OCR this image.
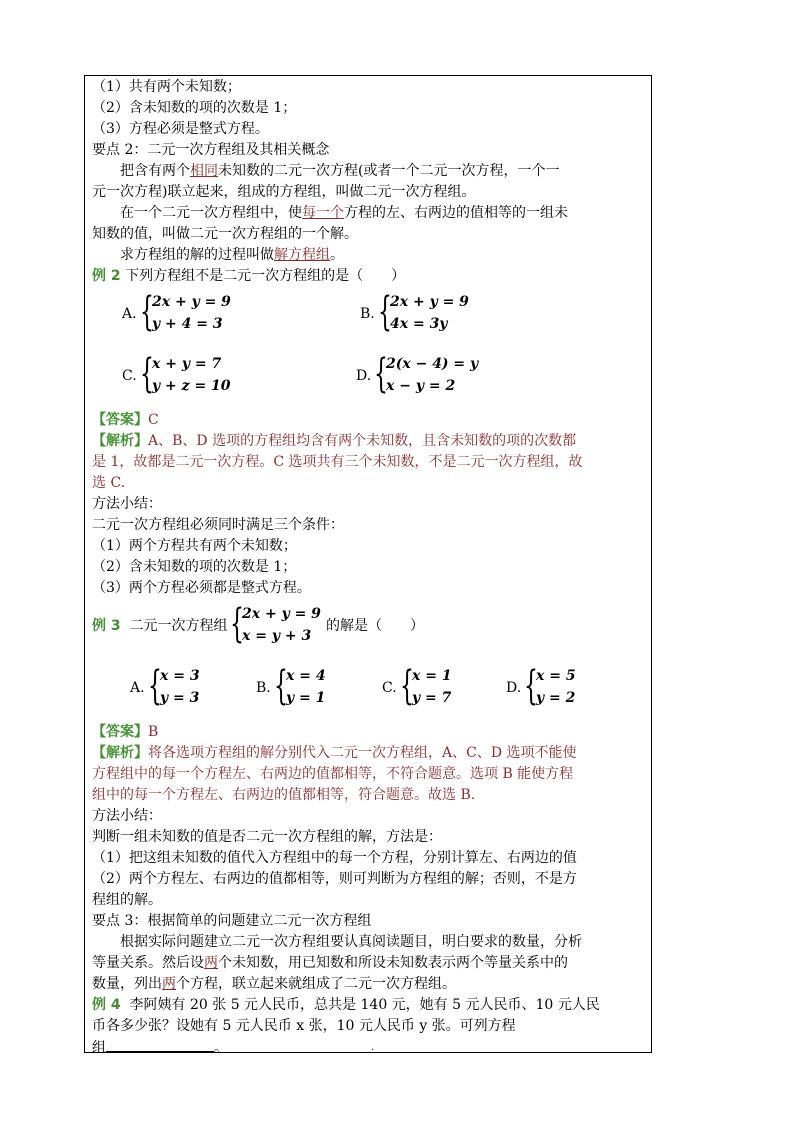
（1）共有两个未知数；
（2）含未知数的项的次数是 1；
（3）方程必须是整式方程。
要点 2：二元一次方程组及其相关概念
　　把含有两个相同未知数的二元一次方程(或者一个二元一次方程，一个一
元一次方程)联立起来，组成的方程组，叫做二元一次方程组。
　　在一个二元一次方程组中，使每一个方程的左、右两边的值相等的一组未
知数的值，叫做二元一次方程组的一个解。
　　求方程组的解的过程叫做解方程组。
例 2 下列方程组不是二元一次方程组的是（　　）
A. {
2x + y = 9
y + 4 = 3
B. {
2x + y = 9
4x = 3y
C. {
x + y = 7
y + z = 10
D. {
2(x − 4) = y
x − y = 2
【答案】C
【解析】A、B、D 选项的方程组均含有两个未知数，且含未知数的项的次数都
是 1，故都是二元一次方程。C 选项共有三个未知数，不是二元一次方程组，故
选 C.
方法小结：
二元一次方程组必须同时满足三个条件：
（1）两个方程共有两个未知数；
（2）含未知数的项的次数是 1；
（3）两个方程必须都是整式方程。
例 3 二元一次方程组 {
2x + y = 9
x = y + 3
的解是（　　）
A. {
x = 3
y = 3
B. {
x = 4
y = 1
C. {
x = 1
y = 7
D. {
x = 5
y = 2
【答案】B
【解析】将各选项方程组的解分别代入二元一次方程组，A、C、D 选项不能使
方程组中的每一个方程左、右两边的值都相等，不符合题意。选项 B 能使方程
组中的每一个方程左、右两边的值都相等，符合题意。故选 B.
方法小结：
判断一组未知数的值是否二元一次方程组的解，方法是：
（1）把这组未知数的值代入方程组中的每一个方程，分别计算左、右两边的值
（2）两个方程左、右两边的值都相等，则可判断为方程组的解；否则，不是方
程组的解。
要点 3：根据简单的问题建立二元一次方程组
　　根据实际问题建立二元一次方程组要认真阅读题目，明白要求的数量，分析
等量关系。然后设两个未知数，用已知数和所设未知数表示两个等量关系中的
数量，列出两个方程，联立起来就组成了二元一次方程组。
例 4 李阿姨有 20 张 5 元人民币，总共是 140 元，她有 5 元人民币、10 元人民
币各多少张？设她有 5 元人民币 x 张，10 元人民币 y 张。可列方程
组	。	.
